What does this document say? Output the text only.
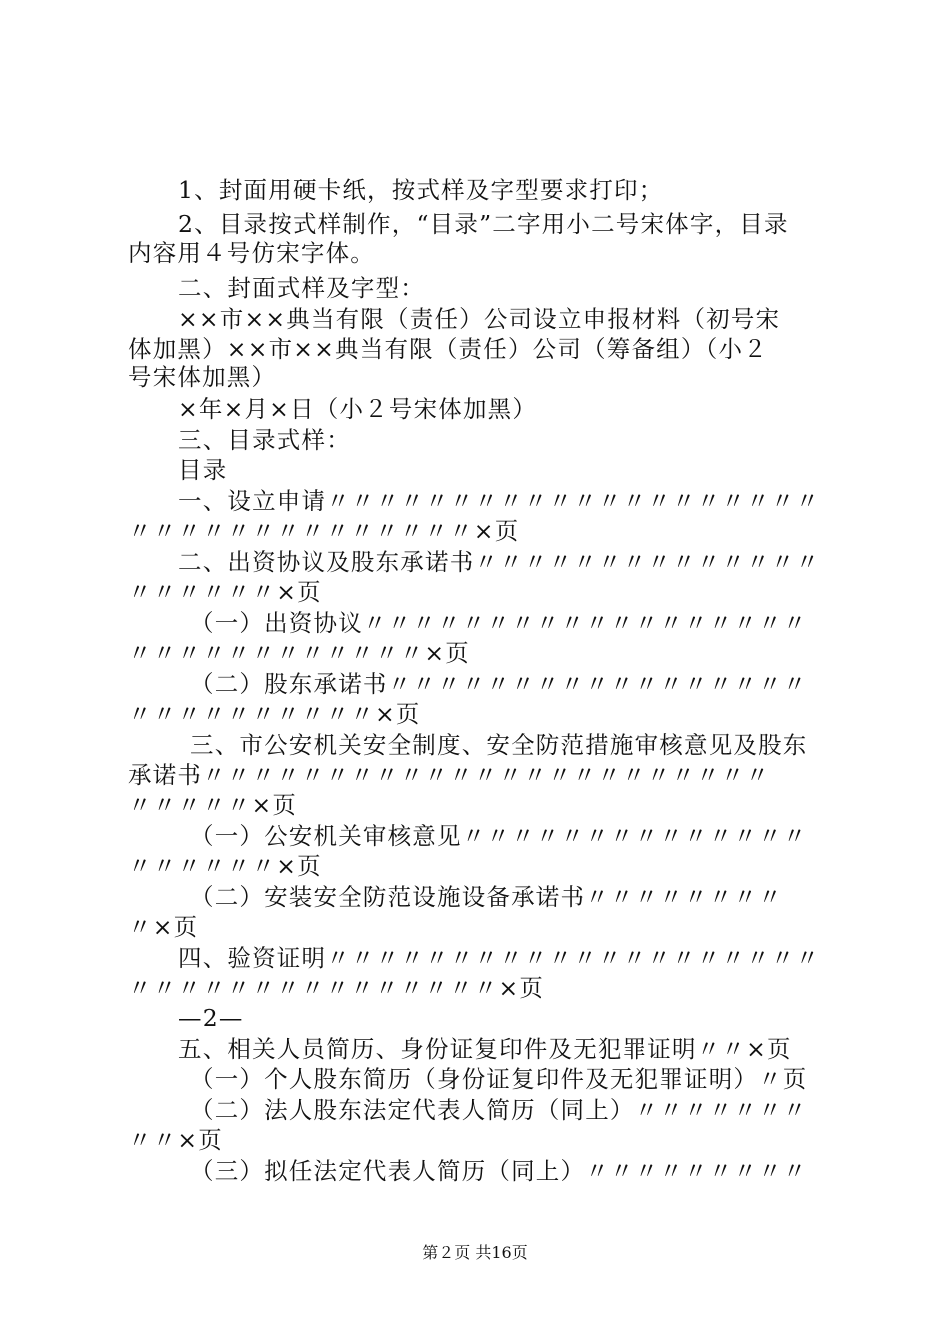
1、封面用硬卡纸，按式样及字型要求打印；
2、目录按式样制作，“目录”二字用小二号宋体字，目录
内容用４号仿宋字体。
二、封面式样及字型：
××市××典当有限（责任）公司设立申报材料（初号宋
体加黑）××市××典当有限（责任）公司（筹备组）（小２
号宋体加黑）
×年×月×日（小２号宋体加黑）
三、目录式样：
目录
一、设立申请〃〃〃〃〃〃〃〃〃〃〃〃〃〃〃〃〃〃〃〃
〃〃〃〃〃〃〃〃〃〃〃〃〃〃×页
二、出资协议及股东承诺书〃〃〃〃〃〃〃〃〃〃〃〃〃〃
〃〃〃〃〃〃×页
（一）出资协议〃〃〃〃〃〃〃〃〃〃〃〃〃〃〃〃〃〃
〃〃〃〃〃〃〃〃〃〃〃〃×页
（二）股东承诺书〃〃〃〃〃〃〃〃〃〃〃〃〃〃〃〃〃
〃〃〃〃〃〃〃〃〃〃×页
三、市公安机关安全制度、安全防范措施审核意见及股东
承诺书〃〃〃〃〃〃〃〃〃〃〃〃〃〃〃〃〃〃〃〃〃〃〃
〃〃〃〃〃×页
（一）公安机关审核意见〃〃〃〃〃〃〃〃〃〃〃〃〃〃
〃〃〃〃〃〃×页
（二）安装安全防范设施设备承诺书〃〃〃〃〃〃〃〃
〃×页
四、验资证明〃〃〃〃〃〃〃〃〃〃〃〃〃〃〃〃〃〃〃〃
〃〃〃〃〃〃〃〃〃〃〃〃〃〃〃×页
—2—
五、相关人员简历、身份证复印件及无犯罪证明〃〃×页
（一）个人股东简历（身份证复印件及无犯罪证明）〃页
（二）法人股东法定代表人简历（同上）〃〃〃〃〃〃〃
〃〃×页
（三）拟任法定代表人简历（同上）〃〃〃〃〃〃〃〃〃
第２页 共16页
